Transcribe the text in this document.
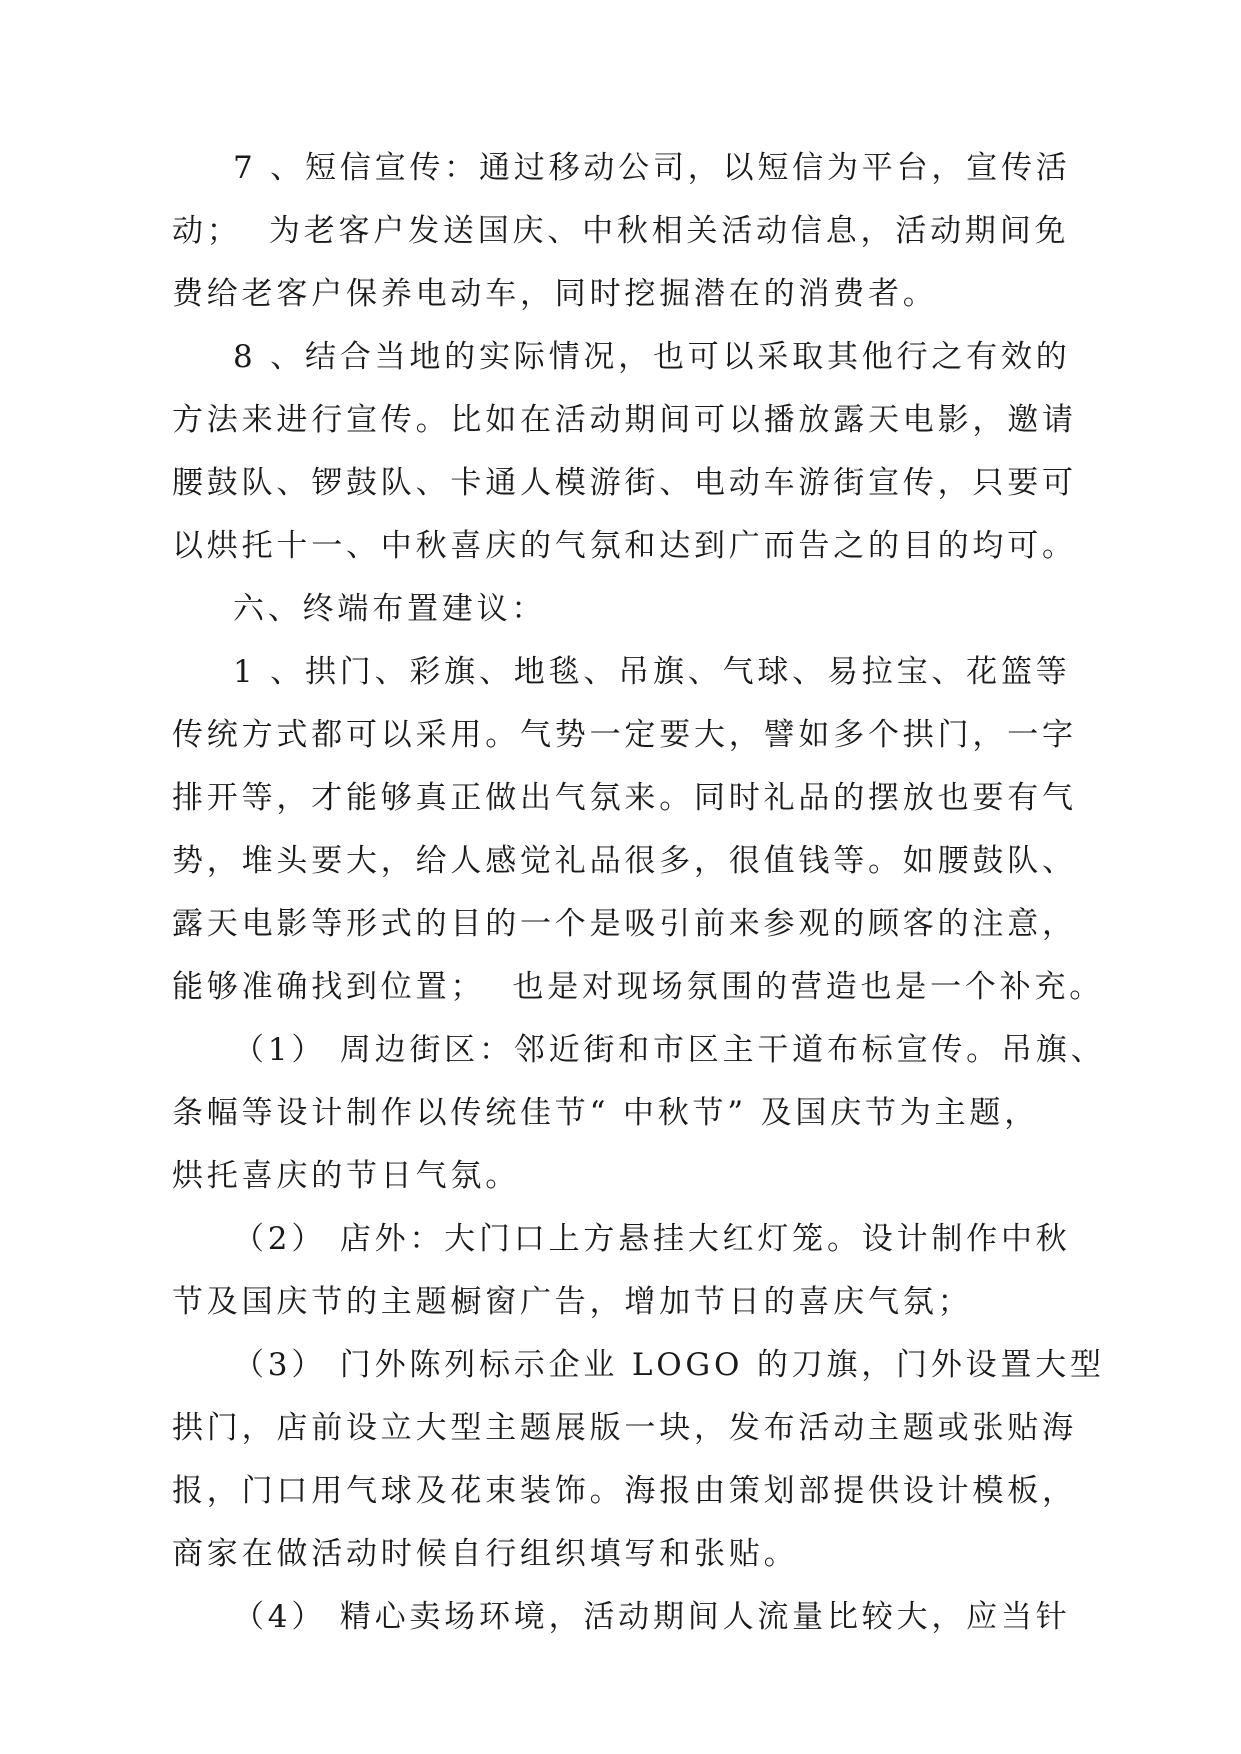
7 、短信宣传：通过移动公司，以短信为平台，宣传活
动；  为老客户发送国庆、中秋相关活动信息，活动期间免
费给老客户保养电动车，同时挖掘潜在的消费者。
8 、结合当地的实际情况，也可以采取其他行之有效的
方法来进行宣传。比如在活动期间可以播放露天电影，邀请
腰鼓队、锣鼓队、卡通人模游街、电动车游街宣传，只要可
以烘托十一、中秋喜庆的气氛和达到广而告之的目的均可。
六、终端布置建议：
1 、拱门、彩旗、地毯、吊旗、气球、易拉宝、花篮等
传统方式都可以采用。气势一定要大，譬如多个拱门，一字
排开等，才能够真正做出气氛来。同时礼品的摆放也要有气
势，堆头要大，给人感觉礼品很多，很值钱等。如腰鼓队、
露天电影等形式的目的一个是吸引前来参观的顾客的注意，
能够准确找到位置；  也是对现场氛围的营造也是一个补充。
（1） 周边街区：邻近街和市区主干道布标宣传。吊旗、
条幅等设计制作以传统佳节“ 中秋节” 及国庆节为主题，
烘托喜庆的节日气氛。
（2） 店外：大门口上方悬挂大红灯笼。设计制作中秋
节及国庆节的主题橱窗广告，增加节日的喜庆气氛；
（3） 门外陈列标示企业 LOGO 的刀旗，门外设置大型
拱门，店前设立大型主题展版一块，发布活动主题或张贴海
报，门口用气球及花束装饰。海报由策划部提供设计模板，
商家在做活动时候自行组织填写和张贴。
（4） 精心卖场环境，活动期间人流量比较大，应当针
